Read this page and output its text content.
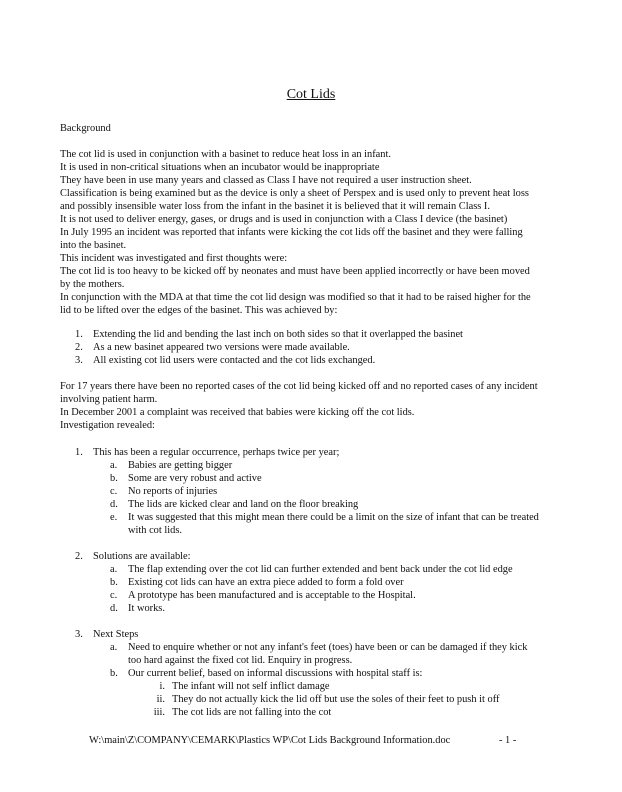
Cot Lids
Background
The cot lid is used in conjunction with a basinet to reduce heat loss in an infant.
It is used in non-critical situations when an incubator would be inappropriate
They have been in use many years and classed as Class I have not required a user instruction sheet.
Classification is being examined but as the device is only a sheet of Perspex and is used only to prevent heat loss
and possibly insensible water loss from the infant in the basinet it is believed that it will remain Class I.
It is not used to deliver energy, gases, or drugs and is used in conjunction with a Class I device (the basinet)
In July 1995 an incident was reported that infants were kicking the cot lids off the basinet and they were falling
into the basinet.
This incident was investigated and first thoughts were:
The cot lid is too heavy to be kicked off by neonates and must have been applied incorrectly or have been moved
by the mothers.
In conjunction with the MDA at that time the cot lid design was modified so that it had to be raised higher for the
lid to be lifted over the edges of the basinet. This was achieved by:
1. Extending the lid and bending the last inch on both sides so that it overlapped the basinet
2. As a new basinet appeared two versions were made available.
3. All existing cot lid users were contacted and the cot lids exchanged.
For 17 years there have been no reported cases of the cot lid being kicked off and no reported cases of any incident
involving patient harm.
In December 2001 a complaint was received that babies were kicking off the cot lids.
Investigation revealed:
1. This has been a regular occurrence, perhaps twice per year;
a. Babies are getting bigger
b. Some are very robust and active
c. No reports of injuries
d. The lids are kicked clear and land on the floor breaking
e. It was suggested that this might mean there could be a limit on the size of infant that can be treated
with cot lids.
2. Solutions are available:
a. The flap extending over the cot lid can further extended and bent back under the cot lid edge
b. Existing cot lids can have an extra piece added to form a fold over
c. A prototype has been manufactured and is acceptable to the Hospital.
d. It works.
3. Next Steps
a. Need to enquire whether or not any infant's feet (toes) have been or can be damaged if they kick
too hard against the fixed cot lid. Enquiry in progress.
b. Our current belief, based on informal discussions with hospital staff is:
i. The infant will not self inflict damage
ii. They do not actually kick the lid off but use the soles of their feet to push it off
iii. The cot lids are not falling into the cot
W:\main\Z\COMPANY\CEMARK\Plastics WP\Cot Lids Background Information.doc	- 1 -
